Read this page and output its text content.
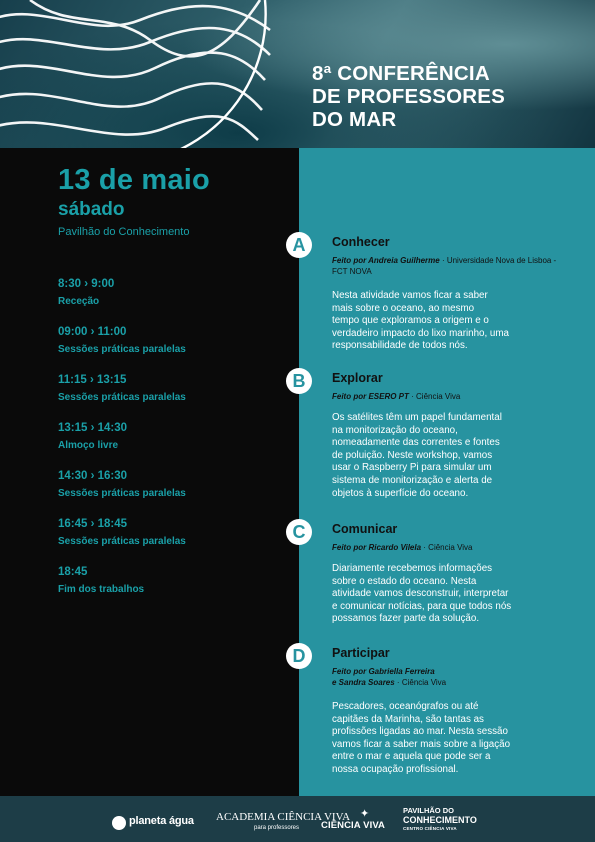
8ª CONFERÊNCIA
DE PROFESSORES
DO MAR
13 de maio

sábado

Pavilhão do Conhecimento

8:30 › 9:00
Receção
09:00 › 11:00
Sessões práticas paralelas
11:15 › 13:15
Sessões práticas paralelas
13:15 › 14:30
Almoço livre
14:30 › 16:30
Sessões práticas paralelas
16:45 › 18:45
Sessões práticas paralelas
18:45
Fim dos trabalhos
A	Conhecer

Feito por Andreia Guilherme · Universidade Nova de Lisboa - FCT NOVA

Nesta atividade vamos ficar a saber
mais sobre o oceano, ao mesmo
tempo que exploramos a origem e o
verdadeiro impacto do lixo marinho, uma
responsabilidade de todos nós.

B	Explorar

Feito por ESERO PT · Ciência Viva

Os satélites têm um papel fundamental
na monitorização do oceano,
nomeadamente das correntes e fontes
de poluição. Neste workshop, vamos
usar o Raspberry Pi para simular um
sistema de monitorização e alerta de
objetos à superfície do oceano.

C	Comunicar

Feito por Ricardo Vilela · Ciência Viva

Diariamente recebemos informações
sobre o estado do oceano. Nesta
atividade vamos desconstruir, interpretar
e comunicar notícias, para que todos nós
possamos fazer parte da solução.

D	Participar

Feito por Gabriella Ferreira
e Sandra Soares · Ciência Viva

Pescadores, oceanógrafos ou até
capitães da Marinha, são tantas as
profissões ligadas ao mar. Nesta sessão
vamos ficar a saber mais sobre a ligação
entre o mar e aquela que pode ser a
nossa ocupação profissional.

planeta água ACADEMIA CIÊNCIA VIVA
para professores
✦
CIÊNCIA VIVA
PAVILHÃO DO
CONHECIMENTO
CENTRO CIÊNCIA VIVA
